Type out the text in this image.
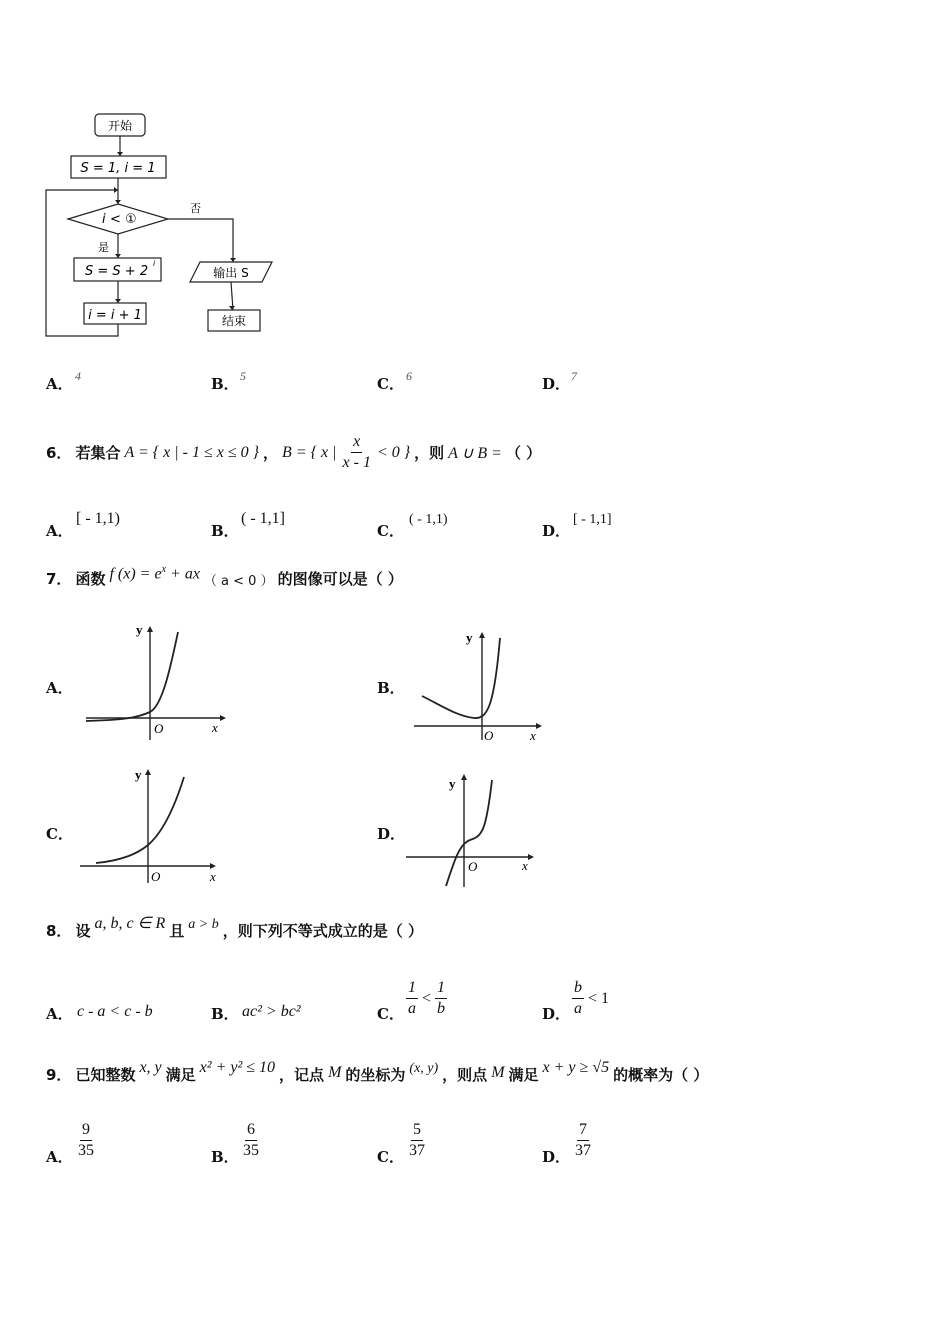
开始
S = 1, i = 1
i < ①
是
否
S = S + 2
i
i = i + 1
输出 S
结束
A． 4	B． 5	C． 6	D． 7
6． 若集合 A = { x | - 1 ≤ x ≤ 0 } ， B = { x | $\frac{x}{x - 1} < 0$ } ，则 A ∪ B = （ ）
A．
[ - 1,1)
B．
( - 1,1]
C．
( - 1,1)
D．
[ - 1,1]
7． 函数 f $(x) = e^x$ + ax （ a < 0 ） 的图像可以是（ ）
A．
y
x
O
B．
y
x
O
C．
y
x
O
D．
y
x
O
8． 设 a, b, c ∈ R 且 a > b ，则下列不等式成立的是（ ）
A． c - a < c - b	B． ac² > bc²	C． $\frac{1}{a} < \frac{1}{b}$	D． $\frac{b}{a} < 1$
9． 已知整数 x, y 满足 x² + y² ≤ 10 ，记点 M 的坐标为 (x, y) ，则点 M 满足 x + y ≥ √5 的概率为（ ）
A． $\frac{9}{35}$	B． $\frac{6}{35}$	C． $\frac{5}{37}$	D． $\frac{7}{37}$
